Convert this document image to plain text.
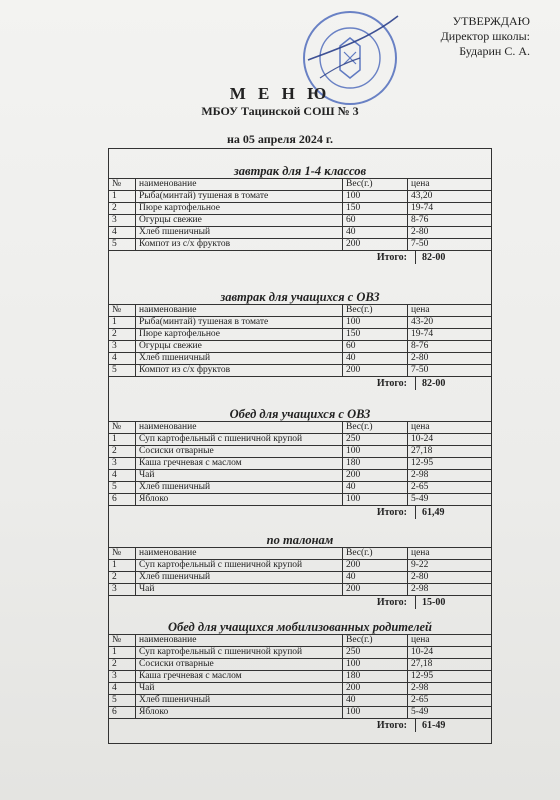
УТВЕРЖДАЮ
Директор школы:
Бударин С. А.
М Е Н Ю
МБОУ Тацинской СОШ № 3
на 05 апреля 2024 г.
завтрак для 1-4 классов
№	наименование	Вес(г.)	цена
1	Рыба(минтай) тушеная в томате	100	43,20
2	Пюре картофельное	150	19-74
3	Огурцы свежие	60	8-76
4	Хлеб пшеничный	40	2-80
5	Компот из с/х фруктов	200	7-50
Итого: 82-00
завтрак для учащихся с ОВЗ
№	наименование	Вес(г.)	цена
1	Рыба(минтай) тушеная в томате	100	43-20
2	Пюре картофельное	150	19-74
3	Огурцы свежие	60	8-76
4	Хлеб пшеничный	40	2-80
5	Компот из с/х фруктов	200	7-50
Итого: 82-00
Обед для учащихся с ОВЗ
№	наименование	Вес(г.)	цена
1	Суп картофельный с пшеничной крупой	250	10-24
2	Сосиски отварные	100	27,18
3	Каша гречневая с маслом	180	12-95
4	Чай	200	2-98
5	Хлеб пшеничный	40	2-65
6	Яблоко	100	5-49
Итого: 61,49
по талонам
№	наименование	Вес(г.)	цена
1	Суп картофельный с пшеничной крупой	200	9-22
2	Хлеб пшеничный	40	2-80
3	Чай	200	2-98
Итого: 15-00
Обед для учащихся мобилизованных родителей
№	наименование	Вес(г.)	цена
1	Суп картофельный с пшеничной крупой	250	10-24
2	Сосиски отварные	100	27,18
3	Каша гречневая с маслом	180	12-95
4	Чай	200	2-98
5	Хлеб пшеничный	40	2-65
6	Яблоко	100	5-49
Итого: 61-49
